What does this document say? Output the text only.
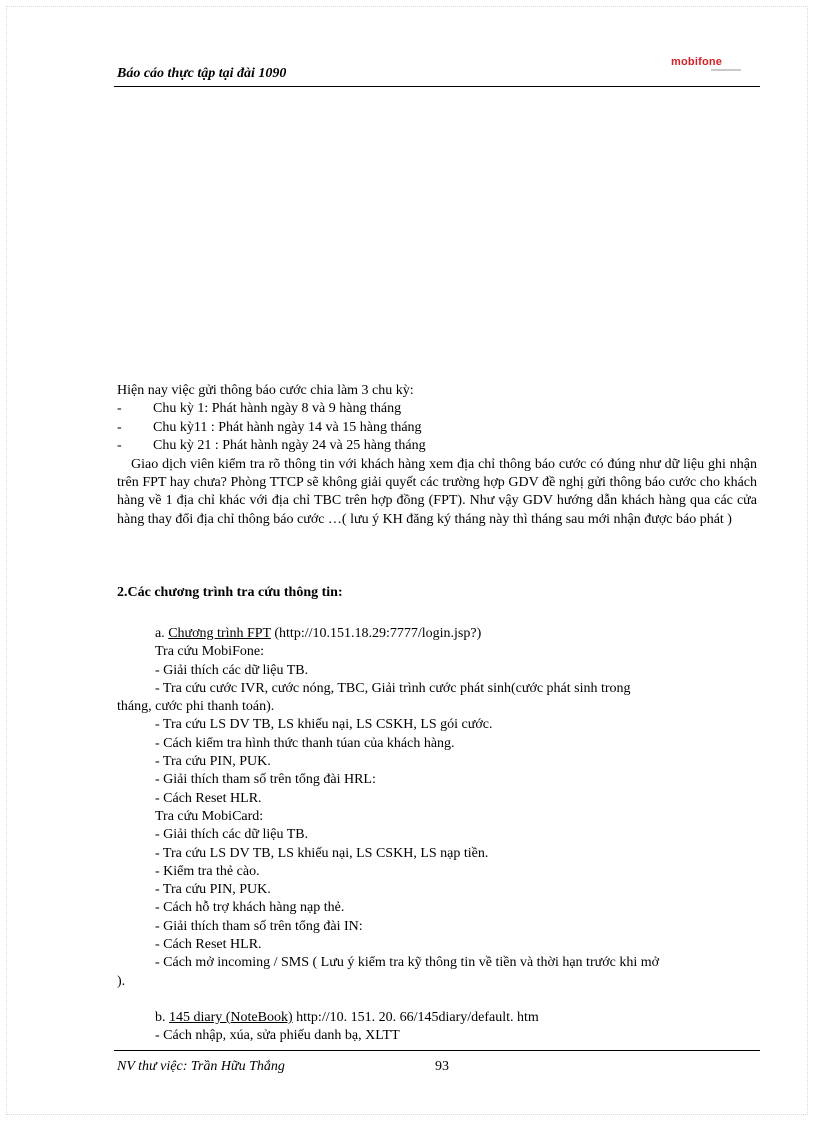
Báo cáo thực tập tại đài 1090
mobifone

Hiện nay việc gửi thông báo cước chia làm 3 chu kỳ:

-	Chu kỳ 1: Phát hành ngày 8 và 9 hàng tháng
-	Chu kỳ11 : Phát hành ngày 14 và 15 hàng tháng
-	Chu kỳ 21 : Phát hành ngày 24 và 25 hàng tháng

Giao dịch viên kiểm tra rõ thông tin với khách hàng xem địa chỉ thông báo cước có đúng như dữ liệu ghi nhận trên FPT hay chưa? Phòng TTCP sẽ không giải quyết các trường hợp GDV đề nghị gửi thông báo cước cho khách hàng về 1 địa chỉ khác với địa chỉ TBC trên hợp đồng (FPT). Như vậy GDV hướng dẫn khách hàng qua các cửa hàng thay đổi địa chỉ thông báo cước …( lưu ý KH đăng ký tháng này thì tháng sau mới nhận được báo phát )

2.Các chương trình tra cứu thông tin:

a. Chương trình FPT (http://10.151.18.29:7777/login.jsp?)

Tra cứu MobiFone:

- Giải thích các dữ liệu TB.

- Tra cứu cước IVR, cước nóng, TBC, Giải trình cước phát sinh(cước phát sinh trong

tháng, cước phi thanh toán).

- Tra cứu LS DV TB, LS khiếu nại, LS CSKH, LS gói cước.

- Cách kiểm tra hình thức thanh túan của khách hàng.

- Tra cứu PIN, PUK.

- Giải thích tham số trên tổng đài HRL:

- Cách Reset HLR.

Tra cứu MobiCard:

- Giải thích các dữ liệu TB.

- Tra cứu LS DV TB, LS khiếu nại, LS CSKH, LS nạp tiền.

- Kiểm tra thẻ cào.

- Tra cứu PIN, PUK.

- Cách hỗ trợ khách hàng nạp thẻ.

- Giải thích tham số trên tổng đài IN:

- Cách Reset HLR.

- Cách mở incoming / SMS ( Lưu ý kiểm tra kỹ thông tin về tiền và thời hạn trước khi mở

).

b. 145 diary (NoteBook) http://10. 151. 20. 66/145diary/default. htm

- Cách nhập, xúa, sửa phiếu danh bạ, XLTT

NV thư việc: Trần Hữu Thắng	93
